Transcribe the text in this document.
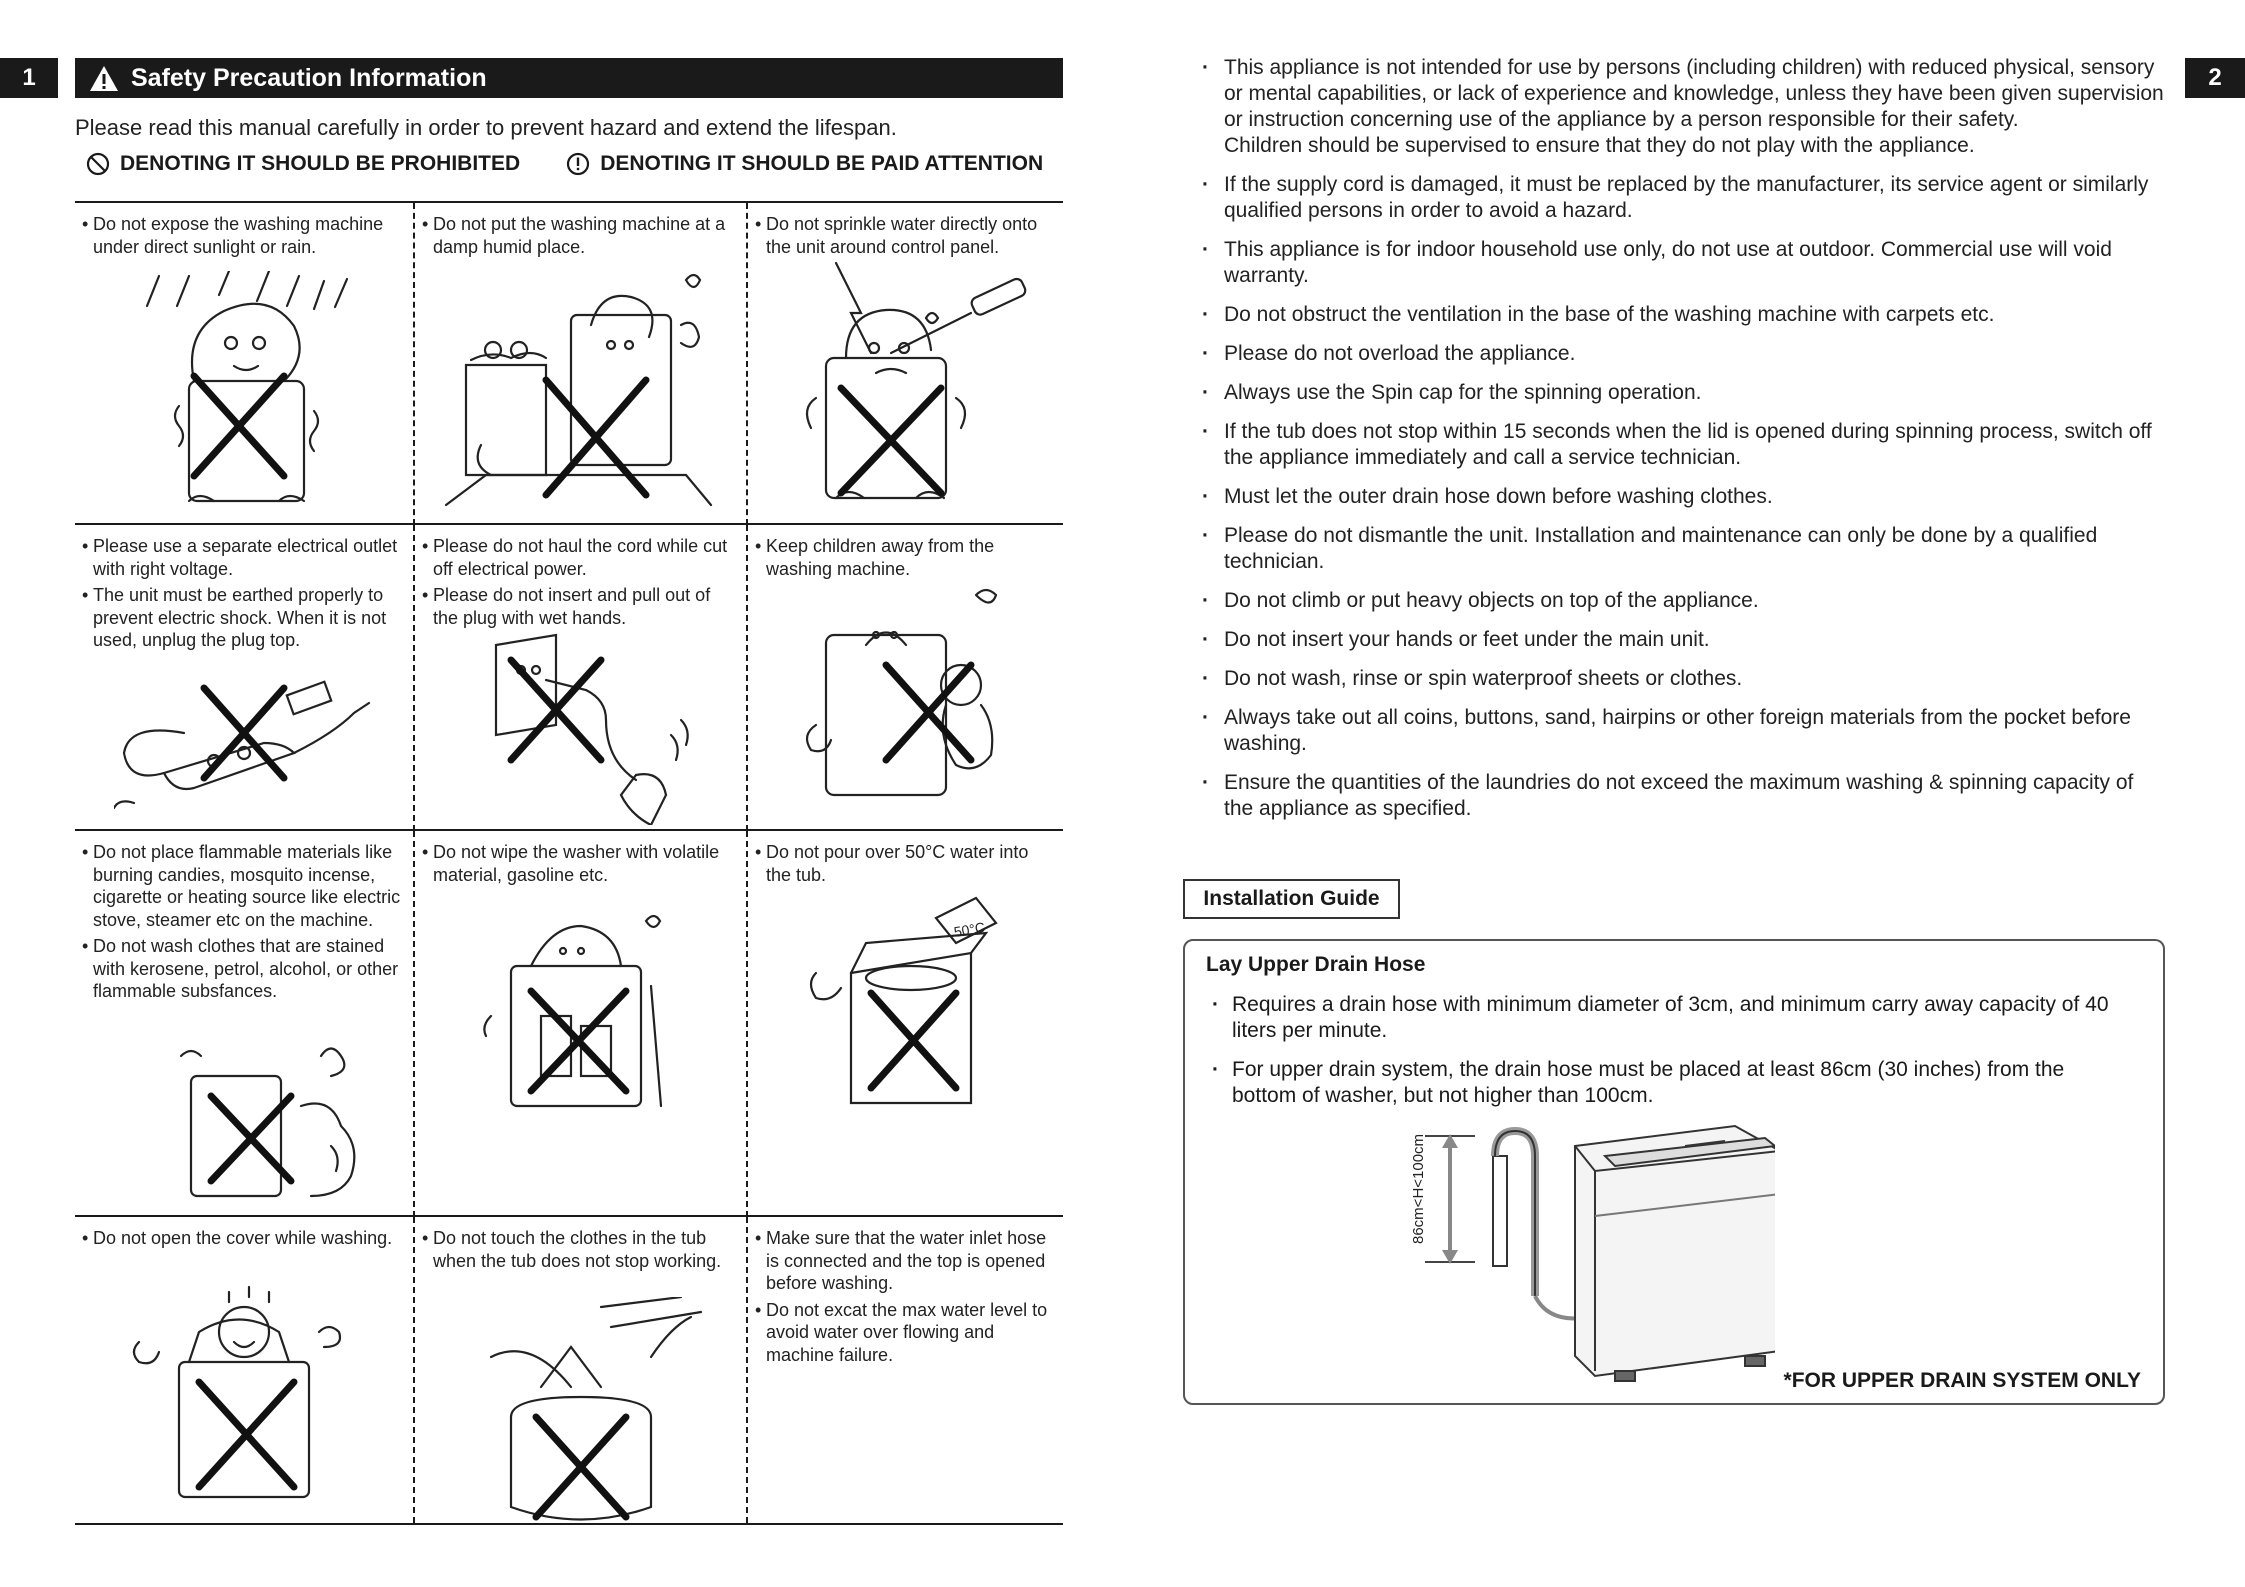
1	2
Safety Precaution Information
Please read this manual carefully in order to prevent hazard and extend the lifespan.
DENOTING IT SHOULD BE PROHIBITED	DENOTING IT SHOULD BE PAID ATTENTION

• Do not expose the washing machine under direct sunlight or rain.

• Do not put the washing machine at a damp humid place.

• Do not sprinkle water directly onto the unit around control panel.

• Please use a separate electrical outlet with right voltage.

• The unit must be earthed properly to prevent electric shock. When it is not used, unplug the plug top.

• Please do not haul the cord while cut off electrical power.

• Please do not insert and pull out of the plug with wet hands.

• Keep children away from the washing machine.

• Do not place flammable materials like burning candies, mosquito incense, cigarette or heating source like electric stove, steamer etc on the machine.

• Do not wash clothes that are stained with kerosene, petrol, alcohol, or other flammable subsfances.

• Do not wipe the washer with volatile material, gasoline etc.

• Do not pour over 50°C water into the tub.

50°C

• Do not open the cover while washing.

•	Do not touch the clothes in the tub when the tub does not stop working.

• Make sure that the water inlet hose is connected and the top is opened before washing.

• Do not excat the max water level to avoid water over flowing and machine failure.

· This appliance is not intended for use by persons (including children) with reduced physical, sensory or mental capabilities, or lack of experience and knowledge, unless they have been given supervision or instruction concerning use of the appliance by a person responsible for their safety.
Children should be supervised to ensure that they do not play with the appliance.
· If the supply cord is damaged, it must be replaced by the manufacturer, its service agent or similarly qualified persons in order to avoid a hazard.
· This appliance is for indoor household use only, do not use at outdoor. Commercial use will void warranty.
· Do not obstruct the ventilation in the base of the washing machine with carpets etc.
· Please do not overload the appliance.
· Always use the Spin cap for the spinning operation.
· If the tub does not stop within 15 seconds when the lid is opened during spinning process, switch off the appliance immediately and call a service technician.
· Must let the outer drain hose down before washing clothes.
· Please do not dismantle the unit. Installation and maintenance can only be done by a qualified technician.
· Do not climb or put heavy objects on top of the appliance.
· Do not insert your hands or feet under the main unit.
· Do not wash, rinse or spin waterproof sheets or clothes.
· Always take out all coins, buttons, sand, hairpins or other foreign materials from the pocket before washing.
· Ensure the quantities of the laundries do not exceed the maximum washing & spinning capacity of the appliance as specified.
Installation Guide
Lay Upper Drain Hose
· Requires a drain hose with minimum diameter of 3cm, and minimum carry away capacity of 40 liters per minute.
· For upper drain system, the drain hose must be placed at least 86cm (30 inches) from the bottom of washer, but not higher than 100cm.
86cm<H<100cm
*FOR UPPER DRAIN SYSTEM ONLY
